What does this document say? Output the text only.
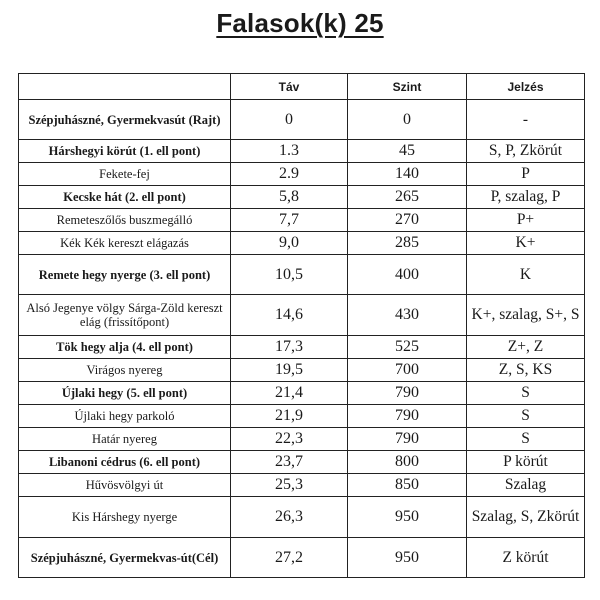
Falasok(k) 25
	Táv	Szint	Jelzés
Szépjuhászné, Gyermekvasút (Rajt)	0	0	-
Hárshegyi körút (1. ell pont)	1.3	45	S, P, Zkörút
Fekete-fej	2.9	140	P
Kecske hát (2. ell pont)	5,8	265	P, szalag, P
Remeteszőlős buszmegálló	7,7	270	P+
Kék Kék kereszt elágazás	9,0	285	K+
Remete hegy nyerge (3. ell pont)	10,5	400	K
Alsó Jegenye völgy Sárga-Zöld kereszt elág (frissítőpont)	14,6	430	K+, szalag, S+, S
Tök hegy alja (4. ell pont)	17,3	525	Z+, Z
Virágos nyereg	19,5	700	Z, S, KS
Újlaki hegy (5. ell pont)	21,4	790	S
Újlaki hegy parkoló	21,9	790	S
Határ nyereg	22,3	790	S
Libanoni cédrus (6. ell pont)	23,7	800	P körút
Hűvösvölgyi út	25,3	850	Szalag
Kis Hárshegy nyerge	26,3	950	Szalag, S, Zkörút
Szépjuhászné, Gyermekvas-út(Cél)	27,2	950	Z körút
